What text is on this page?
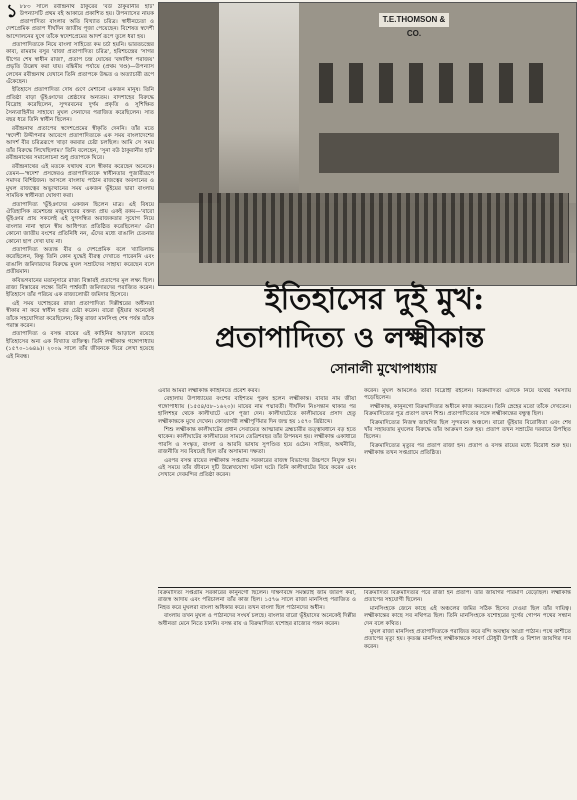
১ ৮৮৩ সালে রবীন্দ্রনাথ ঠাকুরের 'বউ ঠাকুরানীর হাট' উপন্যাসটি প্রথম বই আকারে প্রকাশিত হয়। উপন্যাসের নায়ক প্রতাপাদিত্য বাংলার অতি বিখ্যাত চরিত্র। স্বাধীনচেতা ও দেশপ্রেমিক প্রতাপ দীর্ঘদিন জাতীয় পূজা পেয়েছেন। বিশেষত স্বদেশী আন্দোলনের যুগে তাঁকে স্বদেশপ্রেমের আদর্শ রূপে তুলে ধরা হয়।

প্রতাপাদিত্যকে নিয়ে বাংলা সাহিত্যে কম চর্চা হয়নি। ভারতচন্দ্রের কাব্য, রামরাম বসুর 'রাজা প্রতাপাদিত্য চরিত্র', হরিশচন্দ্রের 'সাগর দ্বীপের শেষ স্বাধীন রাজা', প্রতাপ চন্দ্র ঘোষের 'বঙ্গাধিপ পরাজয়' প্রভৃতি উল্লেখ করা যায়। বঙ্কিমীয় পর্যায়ে (প্রথম খণ্ড)—উপন্যাস লেখেন রবীন্দ্রনাথ যেখানে তিনি প্রতাপকে উদ্ধত ও অত্যাচারী রূপে এঁকেছেন।

ইতিহাসে প্রতাপাদিত্য দোষ গুণে মেশানো একজন মানুষ। তিনি প্রতিষ্ঠা বাড়া ভূঁইঞাদের শ্রেষ্ঠদের অন্যতম। বাদশাহের বিরুদ্ধে বিদ্রোহ করেছিলেন, সুন্দরবনের দুর্গম প্রকৃতি ও সুশিক্ষিত সৈন্যবাহিনীর সাহায্যে মুঘল সেনাদের পরাজিত করেছিলেন। সাত বছর ধরে তিনি স্বাধীন ছিলেন।

রবীন্দ্রনাথ প্রতাপের স্বদেশপ্রেমের স্বীকৃতি দেননি। তাঁর মতে 'স্বদেশী উদ্দীপনার আবেগে প্রতাপাদিত্যকে এক সময় বাংলাদেশের আদর্শ বীর চরিত্ররূপে খাড়া করবার চেষ্টা চলছিল। আমি সে সময় তাঁর বিরুদ্ধে লিখেছিলাম।' তিনি বলেছেন, 'সুনা বউ ঠাকুরানীর হাট' রবীন্দ্রনাথের সমালোচনা শুধু প্রতাপকে ঘিরে।

রবীন্দ্রনাথের এই মতকে যথাযথ বলে স্বীকার করেছেন অনেকে। তেমন—'স্বদেশ' প্রসঙ্গেরও প্রতাপাদিত্যকে স্বাধীনতার পুজারীরূপে সমাদর বিশিষ্টজন। আসলে বাংলায় পাঠান রাজত্বের অবসানের ও মুঘল রাজত্বের অভ্যুত্থানের সময় একজন ভূঁইয়ের দ্বারা বাংলায় সাময়িক স্বাধীনতা ঘোষণা করা।

প্রতাপাদিত্য 'ভুঁইঞাদের একজন ছিলেন মাত্র। এই বিষয়ে ঐতিহাসিক রমেশচন্দ্র মজুমদারের বক্তব্য প্রায় একই রকম—'বারো ভূঁইঞার প্রায় সকলেই এই যুগসন্ধির অরাজকতার সুযোগ নিয়ে বাংলার নানা স্থানে স্বীয় আধিপত্য প্রতিষ্ঠিত করেছিলেন।' এঁরা কোনো জাতীয় বংশের প্রতিনিধি নন, এঁদের মধ্যে বাঙালি চেতনার কোনো ছাপ দেখা যায় না।

প্রতাপাদিত্য অত্যন্ত বীর ও দেশপ্রেমিক বলে খ্যাতিলাভ করেছিলেন, কিন্তু তিনি কোন যুদ্ধেই বীরত্ব দেখাতে পারেননি এবং বাঙালি জমিদারদের বিরুদ্ধে মুঘল সম্রাটদের সাহায্য করেছেন বলে প্রতীয়মান।

কবিভগবানের মতানুসারে রাজ্য বিস্তারই প্রতাপের মূল লক্ষ্য ছিল। রাজ্য বিস্তারের লক্ষ্যে তিনি পার্শ্ববর্তী জমিদারদের পরাজিত করেন। ইতিহাসে তাঁর পরিচয় এক রাজ্যলোভী জমিদার হিসেবে।

এই সময় যশোহরের রাজা প্রতাপাদিত্য দিল্লীশ্বরের অধীনতা স্বীকার না করে স্বাধীন হবার চেষ্টা করেন। বারো ভূঁইয়ার অনেকেই তাঁকে সহযোগিতা করেছিলেন; কিন্তু রাজা মানসিংহ শেষ পর্যন্ত তাঁকে পরাস্ত করেন।

প্রতাপাদিত্য ও বসন্ত রায়ের এই কাহিনির আড়ালে রয়েছে ইতিহাসের অন্য এক বিখ্যাত ব্যক্তিত্ব। তিনি লক্ষ্মীকান্ত গঙ্গোপাধ্যায় (১৫৭০–১৬৪৯)। ২০০৯ সালে তাঁর জীবনকে ঘিরে লেখা হয়েছে এই নিবন্ধ।

T.E.THOMSON & CO.
ইতিহাসের দুই মুখ:
প্রতাপাদিত্য ও লক্ষ্মীকান্ত
সোনালী মুখোপাধ্যায়

এবার আমরা লক্ষ্মীকান্ত কাহিনিতে প্রবেশ করব।

বেহালায় উপাধ্যায়ের বংশের বাইশতম পুরুষ হলেন লক্ষ্মীকান্ত। বাবার নাম জীয়া গঙ্গোপাধ্যায় (১৫৫৪/৫৮–১৬২০)। মায়ের নাম পদ্মাবতী। দীর্ঘদিন নিঃসন্তান থাকার পর হালিশহর থেকে কালীঘাটে এসে পূজা দেন। কালীঘাটেতে কালীমায়ের প্রসাদ হেতু লক্ষ্মীকান্তকে মুখে দেখেন। কোজাগরী লক্ষ্মীপূর্ণিমার দিন জন্ম হয় ১৫৭০ খ্রিষ্টাব্দে।

শিশু লক্ষ্মীকান্ত কালীঘাটের প্রধান সেবায়েত আত্মারাম ব্রহ্মচারীর তত্ত্বাবধানে বড় হতে থাকেন। কালীঘাটের কালীমায়ের সামনে তেত্রিশবছর তাঁর উপনয়ন হয়। লক্ষ্মীকান্ত একাধারে পারসি ও সংস্কৃত, বাংলা ও আরবি ভাষায় সুপণ্ডিত হয়ে ওঠেন। সাহিত্য, অর্থনীতি, রাজনীতি সব বিষয়েই ছিল তাঁর অসামান্য দক্ষতা।

এরপর বসন্ত রায়ের লক্ষ্মীকান্ত সপ্তগ্রাম সরকারের রাজস্ব বিভাগের উচ্চপদে নিযুক্ত হন। এই সময়ে তাঁর জীবনে দুটি উল্লেখযোগ্য ঘটনা ঘটে। তিনি কালীঘাটের বিয়ে করেন এবং সেখানে দেবমন্দির প্রতিষ্ঠা করেন।

করেন। মুঘল আমলেও তাঁরা বিদ্রোহী রইলেন। বিক্রমাদিত্য এদিকে নিয়ে যথেষ্ট সমস্যায় পড়েছিলেন।

লক্ষ্মীকান্ত, কানুনগো বিক্রমাদিত্যর অধীনে কাজ করতেন। তিনি স্নেহের মতো তাঁকে দেখতেন। বিক্রমাদিত্যের পুত্র প্রতাপ তখন শিশু। প্রতাপাদিত্যের সঙ্গে লক্ষ্মীকান্তের বন্ধুত্ব ছিল।

বিক্রমাদিত্যের নিজস্ব জায়গির ছিল সুন্দরবন অঞ্চলে। বারো ভূঁইয়ার বিরোধিতা এবং শেষ খাঁর সহায়তায় মুঘলের বিরুদ্ধে তাঁর আক্রমণ শুরু হয়। প্রতাপ তখন সম্রাটের দরবারে উপস্থিত ছিলেন।

বিক্রমাদিত্যের মৃত্যুর পর প্রতাপ রাজা হন। প্রতাপ ও বসন্ত রায়ের মধ্যে বিরোধ শুরু হয়। লক্ষ্মীকান্ত তখন সপ্তগ্রামে প্রতিষ্ঠিত।

বিক্রমাদিত্য সপ্তগ্রাম সরকারের কানুনগো ছিলেন। দক্ষিণবঙ্গে সমস্তটাই জমি জরিপ করা, রাজস্ব আদায় এবং পরিচালনা তাঁর কাজ ছিল। ১৫৭৬ সালে রাজা মানসিংহ পরাজিত ও নিহত করে মুঘলরা বাংলা অধিকার করে। তখন বাংলা ছিল পাঠানদের অধীন।

বাংলায় তখন মুঘল ও পাঠানদের সংঘর্ষ চলছে। বাংলার বারো ভূঁইয়াদের অনেকেই দিল্লীর অধীনতা মেনে নিতে চাননি। বসন্ত রায় ও বিক্রমাদিত্য যশোহর রাজ্যের পত্তন করেন।

বিক্রমাদিত্য বিক্রমাদিত্যর পরে রাজা হন প্রতাপ। তাঁর জায়গির পরিমাণ বেড়েছিল। লক্ষ্মীকান্ত প্রতাপের সহযোগী ছিলেন।

মানসিংহকে জেনে কাছে এই অঞ্চলের জমির সঠিক হিসেব দেওয়া ছিল তাঁর দায়িত্ব। লক্ষ্মীকান্তের কাছে সব নথিপত্র ছিল। তিনি মানসিংহকে যশোহরের দুর্গের গোপন পথের সন্ধান দেন বলে কথিত।

মুঘল রাজা মানসিংহ প্রতাপাদিত্যকে পরাজিত করে বন্দি অবস্থায় আগ্রা পাঠান। পথে কাশীতে প্রতাপের মৃত্যু হয়। কৃতজ্ঞ মানসিংহ লক্ষ্মীকান্তকে সাবর্ণ চৌধুরী উপাধি ও বিশাল জায়গির দান করেন।
